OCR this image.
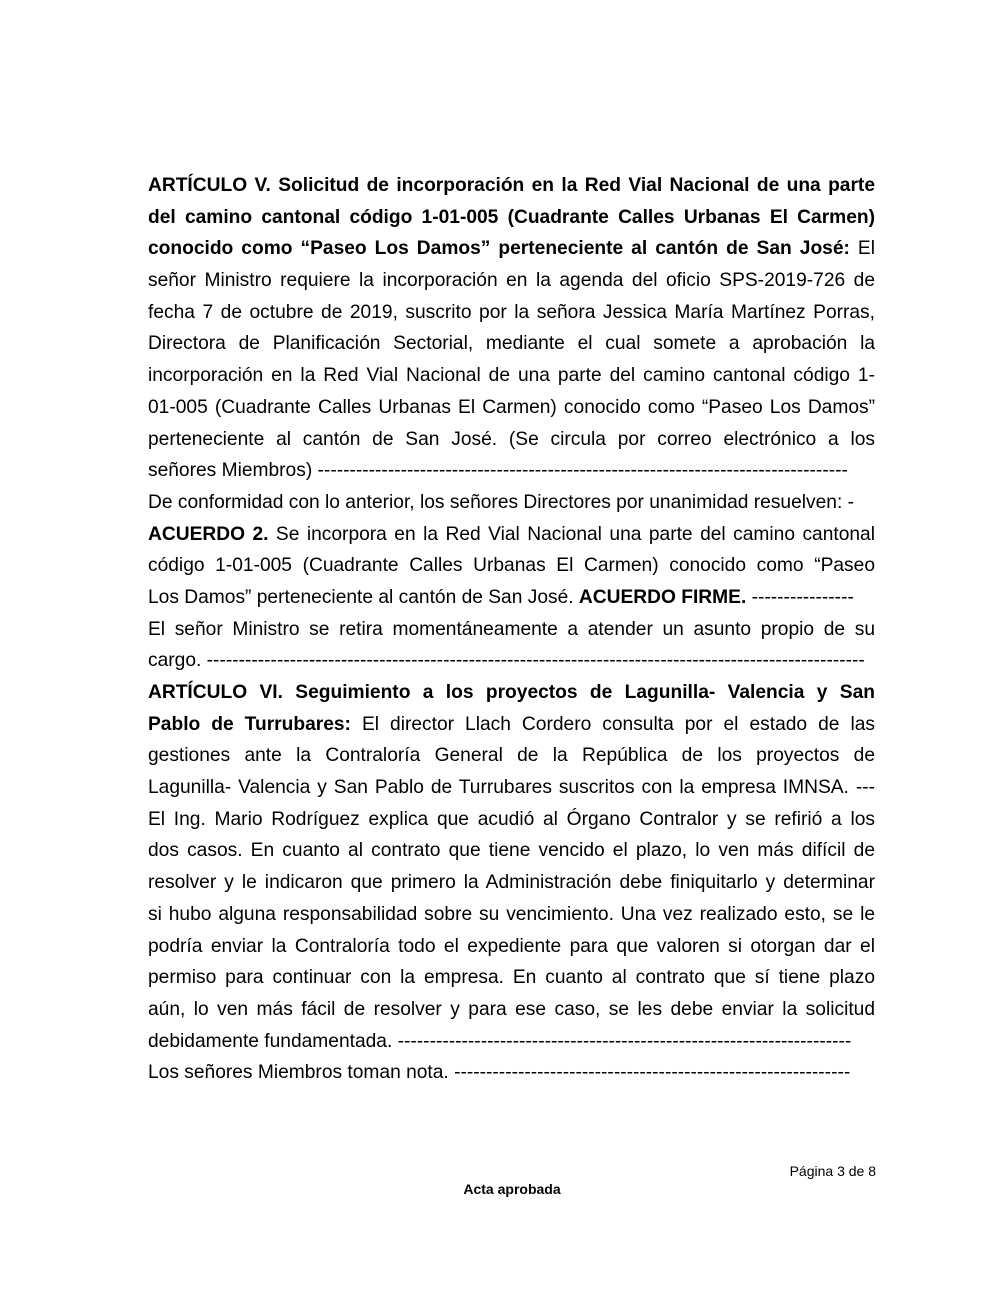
ARTÍCULO V. Solicitud de incorporación en la Red Vial Nacional de una parte
del camino cantonal código 1-01-005 (Cuadrante Calles Urbanas El Carmen)
conocido como “Paseo Los Damos” perteneciente al cantón de San José: El
señor Ministro requiere la incorporación en la agenda del oficio SPS-2019-726 de
fecha 7 de octubre de 2019, suscrito por la señora Jessica María Martínez Porras,
Directora de Planificación Sectorial, mediante el cual somete a aprobación la
incorporación en la Red Vial Nacional de una parte del camino cantonal código 1-
01-005 (Cuadrante Calles Urbanas El Carmen) conocido como “Paseo Los Damos”
perteneciente al cantón de San José. (Se circula por correo electrónico a los
señores Miembros) -----------------------------------------------------------------------------------
De conformidad con lo anterior, los señores Directores por unanimidad resuelven: -
ACUERDO 2. Se incorpora en la Red Vial Nacional una parte del camino cantonal
código 1-01-005 (Cuadrante Calles Urbanas El Carmen) conocido como “Paseo
Los Damos” perteneciente al cantón de San José. ACUERDO FIRME. ----------------
El señor Ministro se retira momentáneamente a atender un asunto propio de su
cargo. -------------------------------------------------------------------------------------------------------
ARTÍCULO VI. Seguimiento a los proyectos de Lagunilla- Valencia y San
Pablo de Turrubares: El director Llach Cordero consulta por el estado de las
gestiones ante la Contraloría General de la República de los proyectos de
Lagunilla- Valencia y San Pablo de Turrubares suscritos con la empresa IMNSA. ---
El Ing. Mario Rodríguez explica que acudió al Órgano Contralor y se refirió a los
dos casos. En cuanto al contrato que tiene vencido el plazo, lo ven más difícil de
resolver y le indicaron que primero la Administración debe finiquitarlo y determinar
si hubo alguna responsabilidad sobre su vencimiento. Una vez realizado esto, se le
podría enviar la Contraloría todo el expediente para que valoren si otorgan dar el
permiso para continuar con la empresa. En cuanto al contrato que sí tiene plazo
aún, lo ven más fácil de resolver y para ese caso, se les debe enviar la solicitud
debidamente fundamentada. -----------------------------------------------------------------------
Los señores Miembros toman nota. --------------------------------------------------------------
Página 3 de 8
Acta aprobada
